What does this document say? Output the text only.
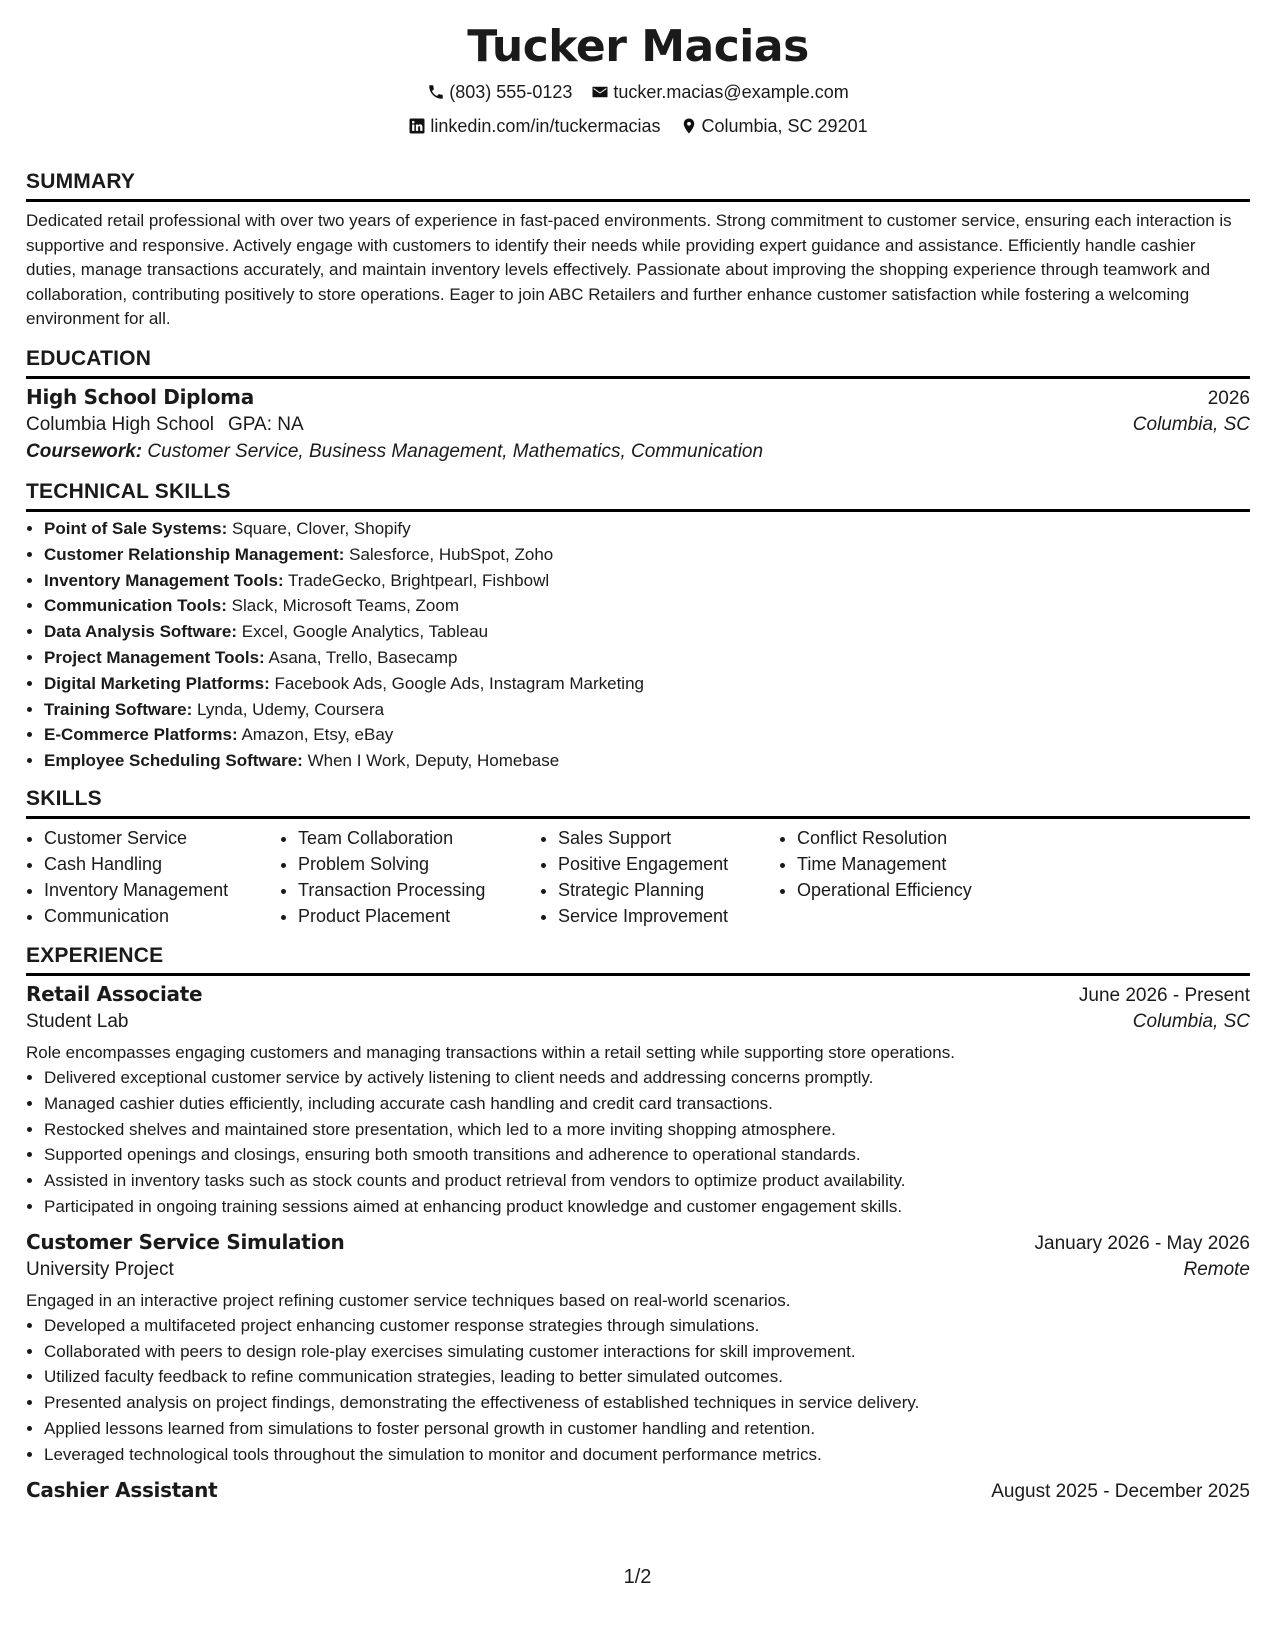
Tucker Macias
(803) 555-0123
tucker.macias@example.com
linkedin.com/in/tuckermacias
Columbia, SC 29201
SUMMARY
Dedicated retail professional with over two years of experience in fast-paced environments. Strong commitment to customer service, ensuring each interaction is supportive and responsive. Actively engage with customers to identify their needs while providing expert guidance and assistance. Efficiently handle cashier duties, manage transactions accurately, and maintain inventory levels effectively. Passionate about improving the shopping experience through teamwork and collaboration, contributing positively to store operations. Eager to join ABC Retailers and further enhance customer satisfaction while fostering a welcoming environment for all.
EDUCATION
High School Diploma	2026
Columbia High School GPA: NA	Columbia, SC
Coursework: Customer Service, Business Management, Mathematics, Communication
TECHNICAL SKILLS
• Point of Sale Systems: Square, Clover, Shopify
• Customer Relationship Management: Salesforce, HubSpot, Zoho
• Inventory Management Tools: TradeGecko, Brightpearl, Fishbowl
• Communication Tools: Slack, Microsoft Teams, Zoom
• Data Analysis Software: Excel, Google Analytics, Tableau
• Project Management Tools: Asana, Trello, Basecamp
• Digital Marketing Platforms: Facebook Ads, Google Ads, Instagram Marketing
• Training Software: Lynda, Udemy, Coursera
• E-Commerce Platforms: Amazon, Etsy, eBay
• Employee Scheduling Software: When I Work, Deputy, Homebase
SKILLS
• Customer Service
• Cash Handling
• Inventory Management
• Communication
• Team Collaboration
• Problem Solving
• Transaction Processing
• Product Placement
• Sales Support
• Positive Engagement
• Strategic Planning
• Service Improvement
• Conflict Resolution
• Time Management
• Operational Efficiency
EXPERIENCE
Retail Associate	June 2026 - Present
Student Lab	Columbia, SC
Role encompasses engaging customers and managing transactions within a retail setting while supporting store operations.
• Delivered exceptional customer service by actively listening to client needs and addressing concerns promptly.
• Managed cashier duties efficiently, including accurate cash handling and credit card transactions.
• Restocked shelves and maintained store presentation, which led to a more inviting shopping atmosphere.
• Supported openings and closings, ensuring both smooth transitions and adherence to operational standards.
• Assisted in inventory tasks such as stock counts and product retrieval from vendors to optimize product availability.
• Participated in ongoing training sessions aimed at enhancing product knowledge and customer engagement skills.
Customer Service Simulation	January 2026 - May 2026
University Project	Remote
Engaged in an interactive project refining customer service techniques based on real-world scenarios.
• Developed a multifaceted project enhancing customer response strategies through simulations.
• Collaborated with peers to design role-play exercises simulating customer interactions for skill improvement.
• Utilized faculty feedback to refine communication strategies, leading to better simulated outcomes.
• Presented analysis on project findings, demonstrating the effectiveness of established techniques in service delivery.
• Applied lessons learned from simulations to foster personal growth in customer handling and retention.
• Leveraged technological tools throughout the simulation to monitor and document performance metrics.
Cashier Assistant	August 2025 - December 2025
1/2
